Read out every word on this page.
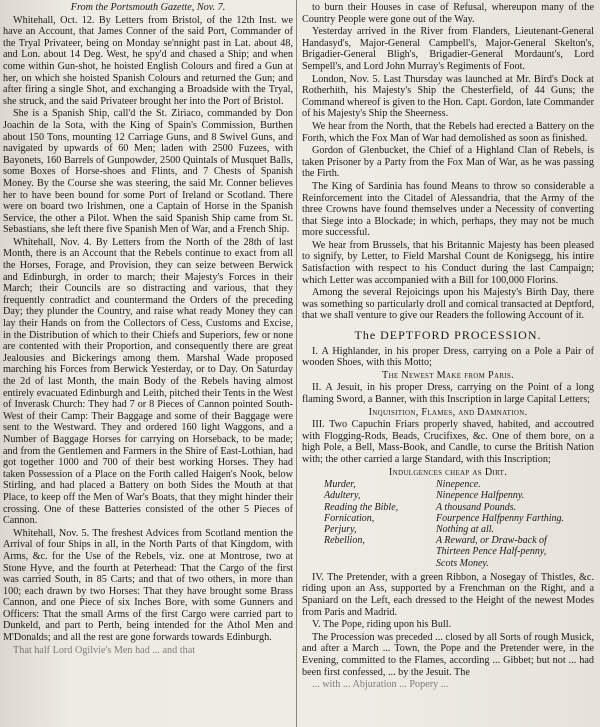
From the Portsmouth Gazette, Nov. 7.

Whitehall, Oct. 12. By Letters from Bristol, of the 12th Inst. we have an Account, that James Conner of the said Port, Commander of the Tryal Privateer, being on Monday se'nnight past in Lat. about 48, and Lon. about 14 Deg. West, he spy'd and chased a Ship; and when come within Gun-shot, he hoisted English Colours and fired a Gun at her, on which she hoisted Spanish Colours and returned the Gun; and after firing a single Shot, and exchanging a Broadside with the Tryal, she struck, and the said Privateer brought her into the Port of Bristol.

She is a Spanish Ship, call'd the St. Ziriaco, commanded by Don Joachin de la Sota, with the King of Spain's Commission, Burthen about 150 Tons, mounting 12 Carriage Guns, and 8 Swivel Guns, and navigated by upwards of 60 Men; laden with 2500 Fuzees, with Bayonets, 160 Barrels of Gunpowder, 2500 Quintals of Musquet Balls, some Boxes of Horse-shoes and Flints, and 7 Chests of Spanish Money. By the Course she was steering, the said Mr. Conner believes her to have been bound for some Port of Ireland or Scotland. There were on board two Irishmen, one a Captain of Horse in the Spanish Service, the other a Pilot. When the said Spanish Ship came from St. Sebastians, she left there five Spanish Men of War, and a French Ship.

Whitehall, Nov. 4. By Letters from the North of the 28th of last Month, there is an Account that the Rebels continue to exact from all the Horses, Forage, and Provision, they can seize between Berwick and Edinburgh, in order to march; their Majesty's Forces in their March; their Councils are so distracting and various, that they frequently contradict and countermand the Orders of the preceding Day; they plunder the Country, and raise what ready Money they can lay their Hands on from the Collectors of Cess, Customs and Excise, in the Distribution of which to their Chiefs and Superiors, few or none are contented with their Proportion, and consequently there are great Jealousies and Bickerings among them. Marshal Wade proposed marching his Forces from Berwick Yesterday, or to Day. On Saturday the 2d of last Month, the main Body of the Rebels having almost entirely evacuated Edinburgh and Leith, pitched their Tents in the West of Inverask Church: They had 7 or 8 Pieces of Cannon pointed South-West of their Camp: Their Baggage and some of their Baggage were sent to the Westward. They and ordered 160 light Waggons, and a Number of Baggage Horses for carrying on Horseback, to be made; and from the Gentlemen and Farmers in the Shire of East-Lothian, had got together 1000 and 700 of their best working Horses. They had taken Possession of a Place on the Forth called Haigen's Nook, below Stirling, and had placed a Battery on both Sides the Mouth at that Place, to keep off the Men of War's Boats, that they might hinder their crossing. One of these Batteries consisted of the other 5 Pieces of Cannon.

Whitehall, Nov. 5. The freshest Advices from Scotland mention the Arrival of four Ships in all, in the North Parts of that Kingdom, with Arms, &c. for the Use of the Rebels, viz. one at Montrose, two at Stone Hyve, and the fourth at Peterhead: That the Cargo of the first was carried South, in 85 Carts; and that of two others, in more than 100; each drawn by two Horses: That they have brought some Brass Cannon, and one Piece of six Inches Bore, with some Gunners and Officers: That the small Arms of the first Cargo were carried part to Dunkeld, and part to Perth, being intended for the Athol Men and M'Donalds; and all the rest are gone forwards towards Edinburgh.

That half Lord Ogilvie's Men had ... and that

to burn their Houses in case of Refusal, whereupon many of the Country People were gone out of the Way.

Yesterday arrived in the River from Flanders, Lieutenant-General Handasyd's, Major-General Campbell's, Major-General Skelton's, Brigadier-General Bligh's, Brigadier-General Mordaunt's, Lord Sempell's, and Lord John Murray's Regiments of Foot.

London, Nov. 5. Last Thursday was launched at Mr. Bird's Dock at Rotherhith, his Majesty's Ship the Chesterfield, of 44 Guns; the Command whereof is given to the Hon. Capt. Gordon, late Commander of his Majesty's Ship the Sheerness.

We hear from the North, that the Rebels had erected a Battery on the Forth, which the Fox Man of War had demolished as soon as finished.

Gordon of Glenbucket, the Chief of a Highland Clan of Rebels, is taken Prisoner by a Party from the Fox Man of War, as he was passing the Firth.

The King of Sardinia has found Means to throw so considerable a Reinforcement into the Citadel of Alessandria, that the Army of the three Crowns have found themselves under a Necessity of converting that Siege into a Blockade; in which, perhaps, they may not be much more successful.

We hear from Brussels, that his Britannic Majesty has been pleased to signify, by Letter, to Field Marshal Count de Konigsegg, his intire Satisfaction with respect to his Conduct during the last Campaign; which Letter was accompanied with a Bill for 100,000 Florins.

Among the several Rejoicings upon his Majesty's Birth Day, there was something so particularly droll and comical transacted at Deptford, that we shall venture to give our Readers the following Account of it.

The DEPTFORD PROCESSION.

I. A Highlander, in his proper Dress, carrying on a Pole a Pair of wooden Shoes, with this Motto;

The Newest Make from Paris.

II. A Jesuit, in his proper Dress, carrying on the Point of a long flaming Sword, a Banner, with this Inscription in large Capital Letters;

Inquisition, Flames, and Damnation.

III. Two Capuchin Friars properly shaved, habited, and accoutred with Flogging-Rods, Beads, Crucifixes, &c. One of them bore, on a high Pole, a Bell, Mass-Book, and Candle, to curse the British Nation with; the other carried a large Standard, with this Inscription;

Indulgences cheap as Dirt.

Murder,	Ninepence.
Adultery,	Ninepence Halfpenny.
Reading the Bible,	A thousand Pounds.
Fornication,	Fourpence Halfpenny Farthing.
Perjury,	Nothing at all.
Rebellion,	A Reward, or Draw-back of
	Thirteen Pence Half-penny,
	Scots Money.

IV. The Pretender, with a green Ribbon, a Nosegay of Thistles, &c. riding upon an Ass, supported by a Frenchman on the Right, and a Spaniard on the Left, each dressed to the Height of the newest Modes from Paris and Madrid.

V. The Pope, riding upon his Bull.

The Procession was preceded ... closed by all Sorts of rough Musick, and after a March ... Town, the Pope and the Pretender were, in the Evening, committed to the Flames, according ... Gibbet; but not ... had been first confessed, ... by the Jesuit. The

... with ... Abjuration ... Popery ...
